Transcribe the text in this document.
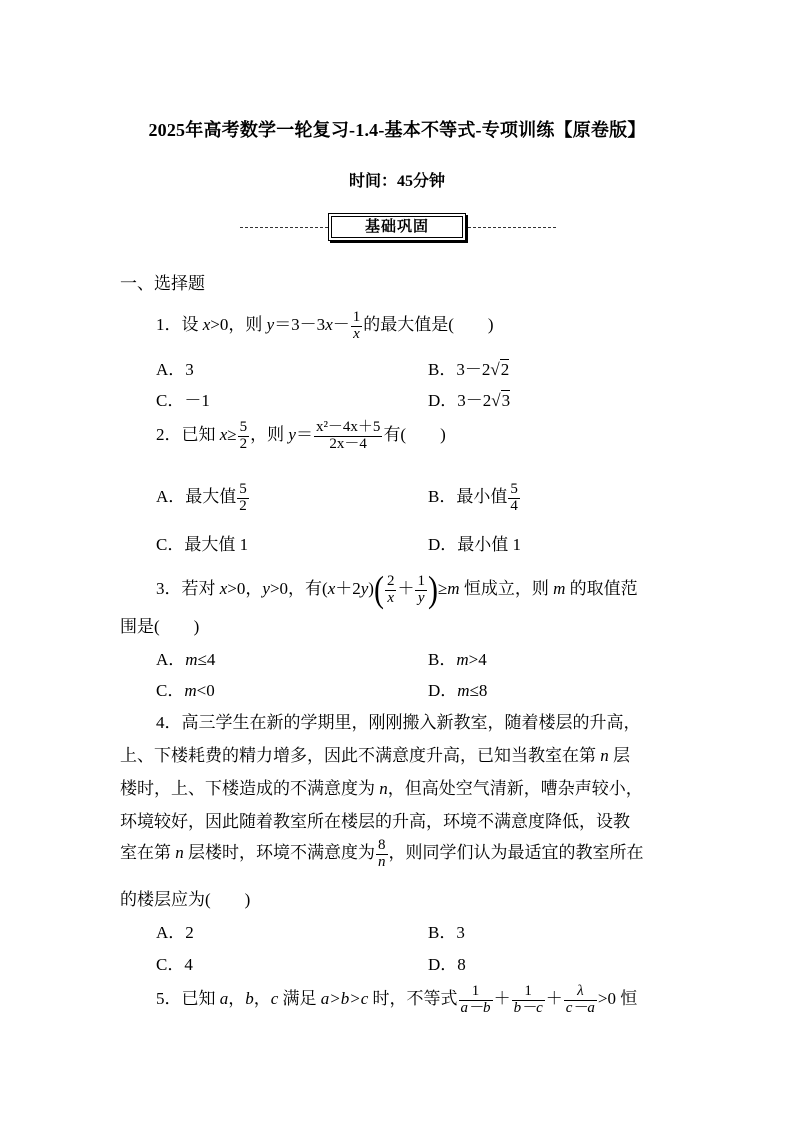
2025年高考数学一轮复习-1.4-基本不等式-专项训练【原卷版】
时间：45分钟
基础巩固
一、选择题
1．设 x>0，则 $y=3-3x- \frac{1}{x}$ 的最大值是(　　)
A．3	B．3－2√2
C．－1	D．3－2√3
2．已知 $x\ge \frac{5}{2}$ ，则 $y= \frac{\text{x²－4x＋5}}{2x-4}$ 有(　　)
A．最大值 $\frac{5}{2}$	B．最小值 $\frac{5}{4}$
C．最大值 1	D．最小值 1
3．若对 x>0，y>0，有$(x+2y)( \frac{2}{x} + \frac{1}{y} )\ge m$ 恒成立，则 m 的取值范
围是(　　)
A．m≤4	B．m>4
C．m<0	D．m≤8
4．高三学生在新的学期里，刚刚搬入新教室，随着楼层的升高，
上、下楼耗费的精力增多，因此不满意度升高，已知当教室在第 n 层
楼时，上、下楼造成的不满意度为 n，但高处空气清新，嘈杂声较小，
环境较好，因此随着教室所在楼层的升高，环境不满意度降低，设教
室在第 n 层楼时，环境不满意度为 $\frac{8}{n}$ ，则同学们认为最适宜的教室所在
的楼层应为(　　)
A．2	B．3
C．4	D．8
5．已知 a，b，c 满足 a>b>c 时，不等式 $\frac{1}{a-b} + \frac{1}{b-c} + \frac{\lambda}{c-a} >0$ 恒
